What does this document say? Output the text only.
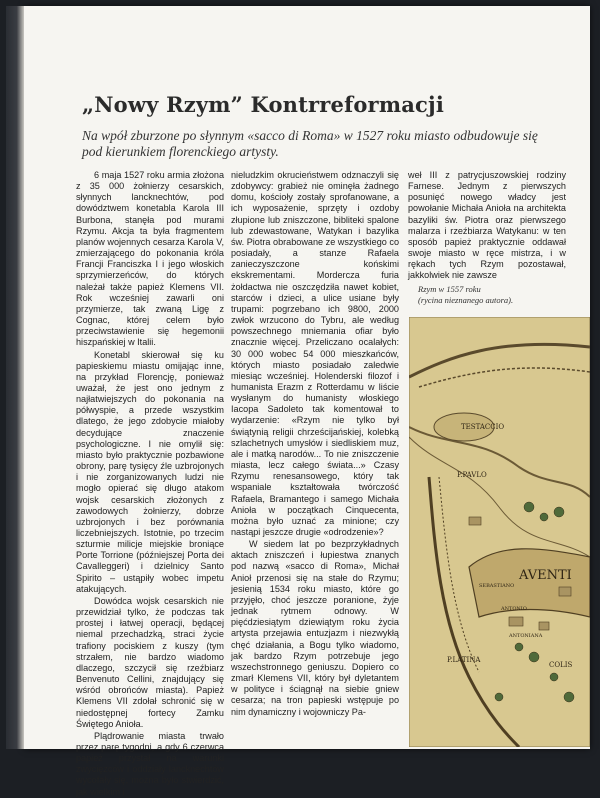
„Nowy Rzym” Kontrreformacji

Na wpół zburzone po słynnym «sacco di Roma» w 1527 roku miasto odbudowuje się pod kierunkiem florenckiego artysty.

6 maja 1527 roku armia złożona z 35 000 żołnierzy cesarskich, słynnych lancknechtów, pod dowództwem konetabla Karola III Burbona, stanęła pod murami Rzymu. Akcja ta była fragmentem planów wojennych cesarza Karola V, zmierzającego do pokonania króla Francji Franciszka I i jego włoskich sprzymierzeńców, do których należał także papież Klemens VII. Rok wcześniej zawarli oni przymierze, tak zwaną Ligę z Cognac, której celem było przeciwstawienie się hegemonii hiszpańskiej w Italii.

Konetabl skierował się ku papieskiemu miastu omijając inne, na przykład Florencję, ponieważ uważał, że jest ono jednym z najłatwiejszych do pokonania na półwyspie, a przede wszystkim dlatego, że jego zdobycie miałoby decydujące znaczenie psychologiczne. I nie omylił się: miasto było praktycznie pozbawione obrony, parę tysięcy źle uzbrojonych i nie zorganizowanych ludzi nie mogło opierać się długo atakom wojsk cesarskich złożonych z zawodowych żołnierzy, dobrze uzbrojonych i bez porównania liczebniejszych. Istotnie, po trzecim szturmie milicje miejskie broniące Porte Torrione (późniejszej Porta dei Cavalleggeri) i dzielnicy Santo Spirito – ustąpiły wobec impetu atakujących.

Dowódca wojsk cesarskich nie przewidział tylko, że podczas tak prostej i łatwej operacji, będącej niemal przechadzką, straci życie trafiony pociskiem z kuszy (tym strzałem, nie bardzo wiadomo dlaczego, szczycił się rzeźbiarz Benvenuto Cellini, znajdujący się wśród obrońców miasta). Papież Klemens VII zdołał schronić się w niedostępnej fortecy Zamku Świętego Anioła.

Plądrowanie miasta trwało przez parę tygodni, a gdy 6 czerwca papież przystał na warunki zwycięzców i oddziały lancknechtów wycofały się, można było stwierdzić, jak wielkim i

nieludzkim okrucieństwem odznaczyli się zdobywcy: grabież nie ominęła żadnego domu, kościoły zostały sprofanowane, a ich wyposażenie, sprzęty i ozdoby złupione lub zniszczone, bibliteki spalone lub zdewastowane, Watykan i bazylika św. Piotra obrabowane ze wszystkiego co posiadały, a stanze Rafaela zanieczyszczone końskimi ekskrementami. Mordercza furia żołdactwa nie oszczędziła nawet kobiet, starców i dzieci, a ulice usiane były trupami: pogrzebano ich 9800, 2000 zwłok wrzucono do Tybru, ale według powszechnego mniemania ofiar było znacznie więcej. Przeliczano ocalałych: 30 000 wobec 54 000 mieszkańców, których miasto posiadało zaledwie miesiąc wcześniej. Holenderski filozof i humanista Erazm z Rotterdamu w liście wysłanym do humanisty włoskiego Iacopa Sadoleto tak komentował to wydarzenie: «Rzym nie tylko był świątynią religii chrześcijańskiej, kolebką szlachetnych umysłów i siedliskiem muz, ale i matką narodów... To nie zniszczenie miasta, lecz całego świata...» Czasy Rzymu renesansowego, który tak wspaniale kształtowała twórczość Rafaela, Bramantego i samego Michała Anioła w początkach Cinquecenta, można było uznać za minione; czy nastąpi jeszcze drugie «odrodzenie»?

W siedem lat po bezprzykładnych aktach zniszczeń i łupiestwa znanych pod nazwą «sacco di Roma», Michał Anioł przenosi się na stałe do Rzymu; jesienią 1534 roku miasto, które go przyjęło, choć jeszcze poranione, żyje jednak rytmem odnowy. W pięćdziesiątym dziewiątym roku życia artysta przejawia entuzjazm i niezwykłą chęć działania, a Bogu tylko wiadomo, jak bardzo Rzym potrzebuje jego wszechstronnego geniuszu. Dopiero co zmarł Klemens VII, który był dyletantem w polityce i ściągnął na siebie gniew cesarza; na tron papieski wstępuje po nim dynamiczny i wojowniczy Pa-

weł III z patrycjuszowskiej rodziny Farnese. Jednym z pierwszych posunięć nowego władcy jest powołanie Michała Anioła na architekta bazyliki św. Piotra oraz pierwszego malarza i rzeźbiarza Watykanu: w ten sposób papież praktycznie oddawał swoje miasto w ręce mistrza, i w rękach tych Rzym pozostawał, jakkolwiek nie zawsze

Rzym w 1557 roku
(rycina nieznanego autora).
TESTACCIO
P.PAVLO
AVENTI
P.LATINA
COLIS
SEBASTIANO
ANTONIO
ANTONIANA
